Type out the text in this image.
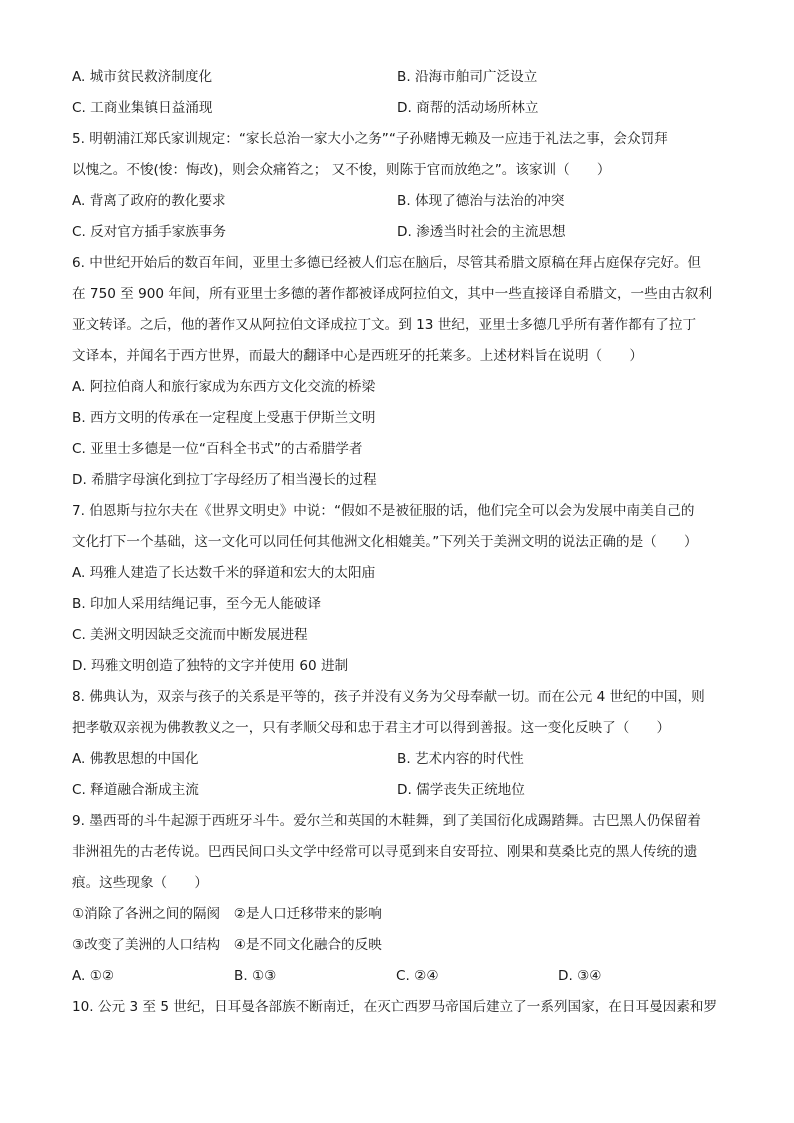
A. 城市贫民救济制度化	B. 沿海市舶司广泛设立
C. 工商业集镇日益涌现	D. 商帮的活动场所林立
5. 明朝浦江郑氏家训规定：“家长总治一家大小之务”“子孙赌博无赖及一应违于礼法之事，会众罚拜
以愧之。不悛(悛：悔改)，则会众痛笞之； 又不悛，则陈于官而放绝之”。该家训（　　）
A. 背离了政府的教化要求	B. 体现了德治与法治的冲突
C. 反对官方插手家族事务	D. 渗透当时社会的主流思想
6. 中世纪开始后的数百年间，亚里士多德已经被人们忘在脑后，尽管其希腊文原稿在拜占庭保存完好。但
在 750 至 900 年间，所有亚里士多德的著作都被译成阿拉伯文，其中一些直接译自希腊文，一些由古叙利
亚文转译。之后，他的著作又从阿拉伯文译成拉丁文。到 13 世纪，亚里士多德几乎所有著作都有了拉丁
文译本，并闻名于西方世界，而最大的翻译中心是西班牙的托莱多。上述材料旨在说明（　　）
A. 阿拉伯商人和旅行家成为东西方文化交流的桥梁
B. 西方文明的传承在一定程度上受惠于伊斯兰文明
C. 亚里士多德是一位“百科全书式”的古希腊学者
D. 希腊字母演化到拉丁字母经历了相当漫长的过程
7. 伯恩斯与拉尔夫在《世界文明史》中说：“假如不是被征服的话，他们完全可以会为发展中南美自己的
文化打下一个基础，这一文化可以同任何其他洲文化相媲美。”下列关于美洲文明的说法正确的是（　　）
A. 玛雅人建造了长达数千米的驿道和宏大的太阳庙
B. 印加人采用结绳记事，至今无人能破译
C. 美洲文明因缺乏交流而中断发展进程
D. 玛雅文明创造了独特的文字并使用 60 进制
8. 佛典认为，双亲与孩子的关系是平等的，孩子并没有义务为父母奉献一切。而在公元 4 世纪的中国，则
把孝敬双亲视为佛教教义之一，只有孝顺父母和忠于君主才可以得到善报。这一变化反映了（　　）
A. 佛教思想的中国化	B. 艺术内容的时代性
C. 释道融合渐成主流	D. 儒学丧失正统地位
9. 墨西哥的斗牛起源于西班牙斗牛。爱尔兰和英国的木鞋舞，到了美国衍化成踢踏舞。古巴黑人仍保留着
非洲祖先的古老传说。巴西民间口头文学中经常可以寻觅到来自安哥拉、刚果和莫桑比克的黑人传统的遗
痕。这些现象（　　）
①消除了各洲之间的隔阂　②是人口迁移带来的影响
③改变了美洲的人口结构　④是不同文化融合的反映
A. ①②	B. ①③	C. ②④	D. ③④
10. 公元 3 至 5 世纪，日耳曼各部族不断南迁，在灭亡西罗马帝国后建立了一系列国家，在日耳曼因素和罗
